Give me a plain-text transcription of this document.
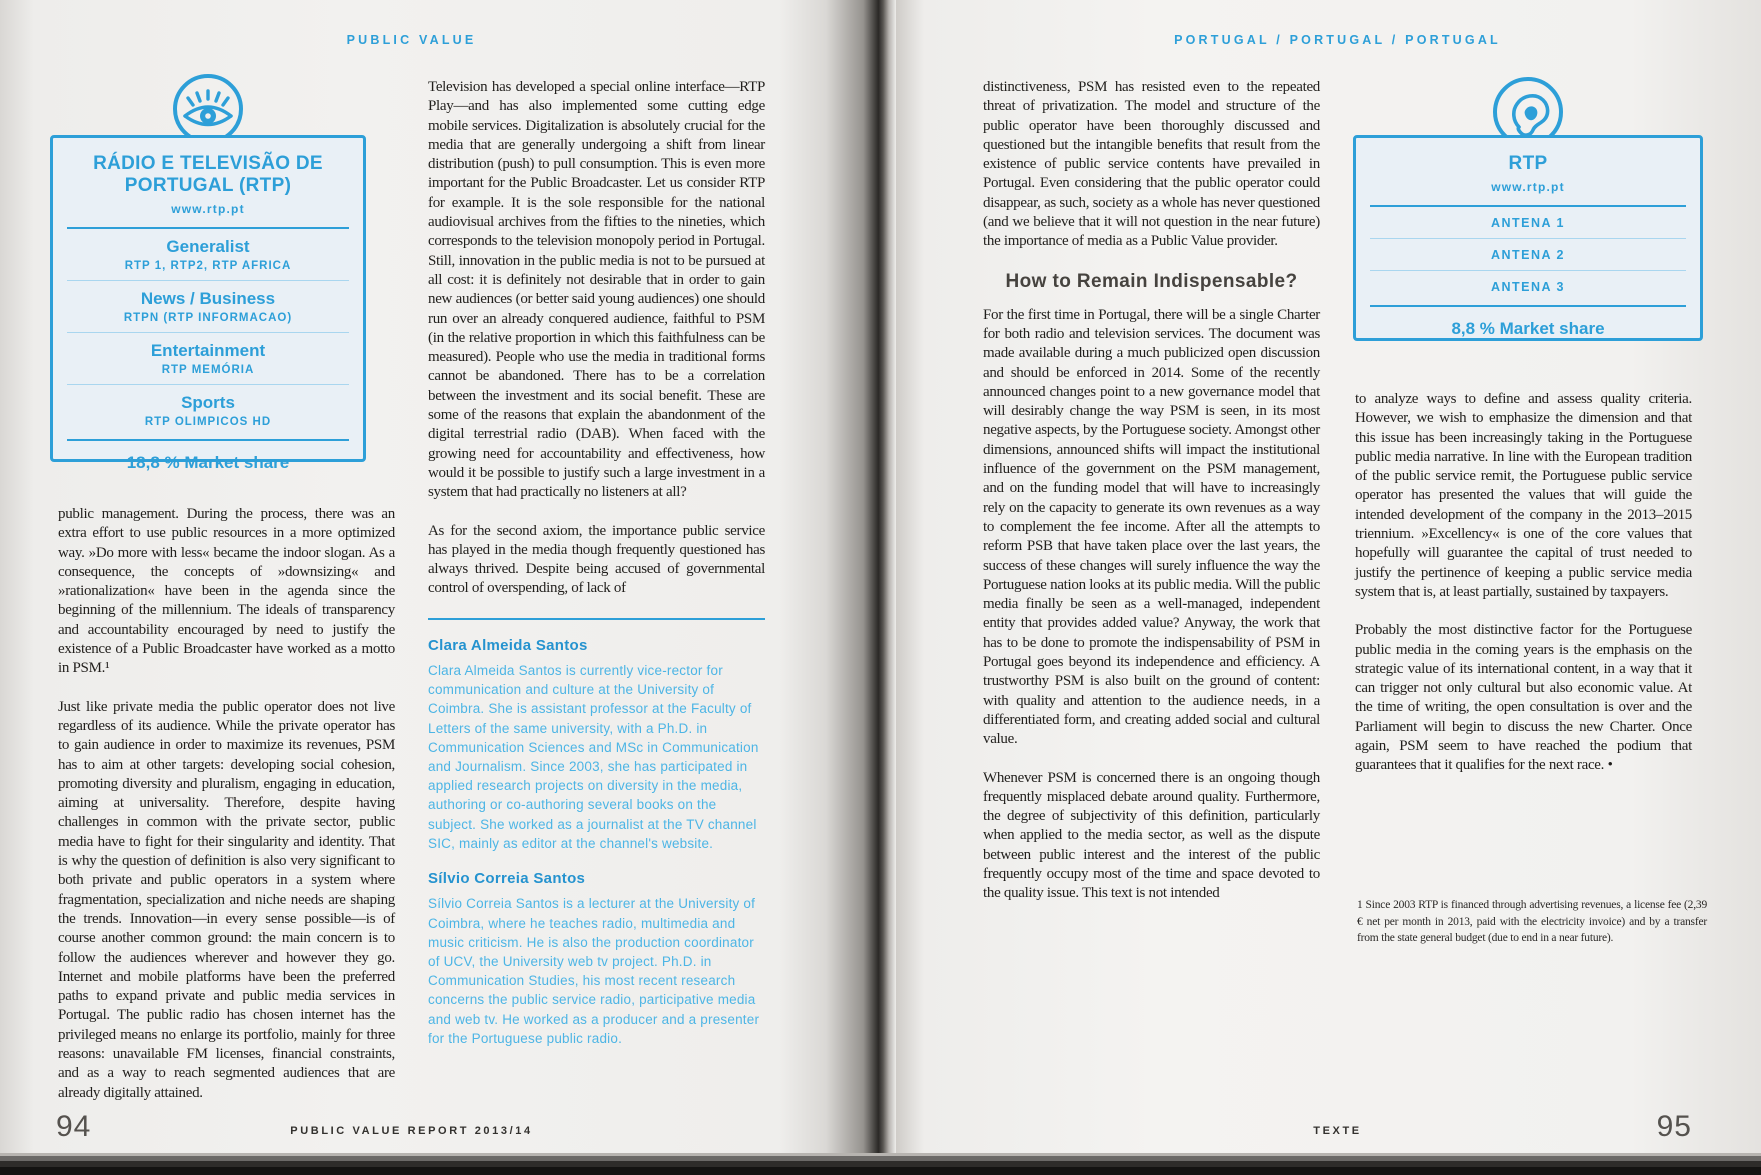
PUBLIC VALUE	PORTUGAL / PORTUGAL / PORTUGAL
RÁDIO E TELEVISÃO DE PORTUGAL (RTP)
www.rtp.pt
Generalist
RTP 1, RTP2, RTP AFRICA
News / Business
RTPN (RTP INFORMACAO)
Entertainment
RTP MEMÓRIA
Sports
RTP OLIMPICOS HD
18,8 % Market share

public management. During the process, there was an extra effort to use public resources in a more optimized way. »Do more with less« became the indoor slogan. As a consequence, the concepts of »downsizing« and »rationalization« have been in the agenda since the beginning of the millennium. The ideals of transparency and accountability encouraged by need to justify the existence of a Public Broadcaster have worked as a motto in PSM.¹

Just like private media the public operator does not live regardless of its audience. While the private operator has to gain audience in order to maximize its revenues, PSM has to aim at other targets: developing social cohesion, promoting diversity and pluralism, engaging in education, aiming at universality. Therefore, despite having challenges in common with the private sector, public media have to fight for their singularity and identity. That is why the question of definition is also very significant to both private and public operators in a system where fragmentation, specialization and niche needs are shaping the trends. Innovation—in every sense possible—is of course another common ground: the main concern is to follow the audiences wherever and however they go. Internet and mobile platforms have been the preferred paths to expand private and public media services in Portugal. The public radio has chosen internet has the privileged means no enlarge its portfolio, mainly for three reasons: unavailable FM licenses, financial constraints, and as a way to reach segmented audiences that are already digitally attained.

Television has developed a special online interface—RTP Play—and has also implemented some cutting edge mobile services. Digitalization is absolutely crucial for the media that are generally undergoing a shift from linear distribution (push) to pull consumption. This is even more important for the Public Broadcaster. Let us consider RTP for example. It is the sole responsible for the national audiovisual archives from the fifties to the nineties, which corresponds to the television monopoly period in Portugal. Still, innovation in the public media is not to be pursued at all cost: it is definitely not desirable that in order to gain new audiences (or better said young audiences) one should run over an already conquered audience, faithful to PSM (in the relative proportion in which this faithfulness can be measured). People who use the media in traditional forms cannot be abandoned. There has to be a correlation between the investment and its social benefit. These are some of the reasons that explain the abandonment of the digital terrestrial radio (DAB). When faced with the growing need for accountability and effectiveness, how would it be possible to justify such a large investment in a system that had practically no listeners at all?

As for the second axiom, the importance public service has played in the media though frequently questioned has always thrived. Despite being accused of governmental control of overspending, of lack of

Clara Almeida Santos
Clara Almeida Santos is currently vice-rector for communication and culture at the University of Coimbra. She is assistant professor at the Faculty of Letters of the same university, with a Ph.D. in Communication Sciences and MSc in Communication and Journalism. Since 2003, she has participated in applied research projects on diversity in the media, authoring or co-authoring several books on the subject. She worked as a journalist at the TV channel SIC, mainly as editor at the channel's website.
Sílvio Correia Santos
Sílvio Correia Santos is a lecturer at the University of Coimbra, where he teaches radio, multimedia and music criticism. He is also the production coordinator of UCV, the University web tv project. Ph.D. in Communication Studies, his most recent research concerns the public service radio, participative media and web tv. He worked as a producer and a presenter for the Portuguese public radio.

distinctiveness, PSM has resisted even to the repeated threat of privatization. The model and structure of the public operator have been thoroughly discussed and questioned but the intangible benefits that result from the existence of public service contents have prevailed in Portugal. Even considering that the public operator could disappear, as such, society as a whole has never questioned (and we believe that it will not question in the near future) the importance of media as a Public Value provider.

How to Remain Indispensable?

For the first time in Portugal, there will be a single Charter for both radio and television services. The document was made available during a much publicized open discussion and should be enforced in 2014. Some of the recently announced changes point to a new governance model that will desirably change the way PSM is seen, in its most negative aspects, by the Portuguese society. Amongst other dimensions, announced shifts will impact the institutional influence of the government on the PSM management, and on the funding model that will have to increasingly rely on the capacity to generate its own revenues as a way to complement the fee income. After all the attempts to reform PSB that have taken place over the last years, the success of these changes will surely influence the way the Portuguese nation looks at its public media. Will the public media finally be seen as a well-managed, independent entity that provides added value? Anyway, the work that has to be done to promote the indispensability of PSM in Portugal goes beyond its independence and efficiency. A trustworthy PSM is also built on the ground of content: with quality and attention to the audience needs, in a differentiated form, and creating added social and cultural value.

Whenever PSM is concerned there is an ongoing though frequently misplaced debate around quality. Furthermore, the degree of subjectivity of this definition, particularly when applied to the media sector, as well as the dispute between public interest and the interest of the public frequently occupy most of the time and space devoted to the quality issue. This text is not intended

RTP
www.rtp.pt
ANTENA 1
ANTENA 2
ANTENA 3
8,8 % Market share

to analyze ways to define and assess quality criteria. However, we wish to emphasize the dimension and that this issue has been increasingly taking in the Portuguese public media narrative. In line with the European tradition of the public service remit, the Portuguese public service operator has presented the values that will guide the intended development of the company in the 2013–2015 triennium. »Excellency« is one of the core values that hopefully will guarantee the capital of trust needed to justify the pertinence of keeping a public service media system that is, at least partially, sustained by taxpayers.

Probably the most distinctive factor for the Portuguese public media in the coming years is the emphasis on the strategic value of its international content, in a way that it can trigger not only cultural but also economic value. At the time of writing, the open consultation is over and the Parliament will begin to discuss the new Charter. Once again, PSM seem to have reached the podium that guarantees that it qualifies for the next race. •

1 Since 2003 RTP is financed through advertising revenues, a license fee (2,39 € net per month in 2013, paid with the electricity invoice) and by a transfer from the state general budget (due to end in a near future).
94	PUBLIC VALUE REPORT 2013/14	TEXTE	95
